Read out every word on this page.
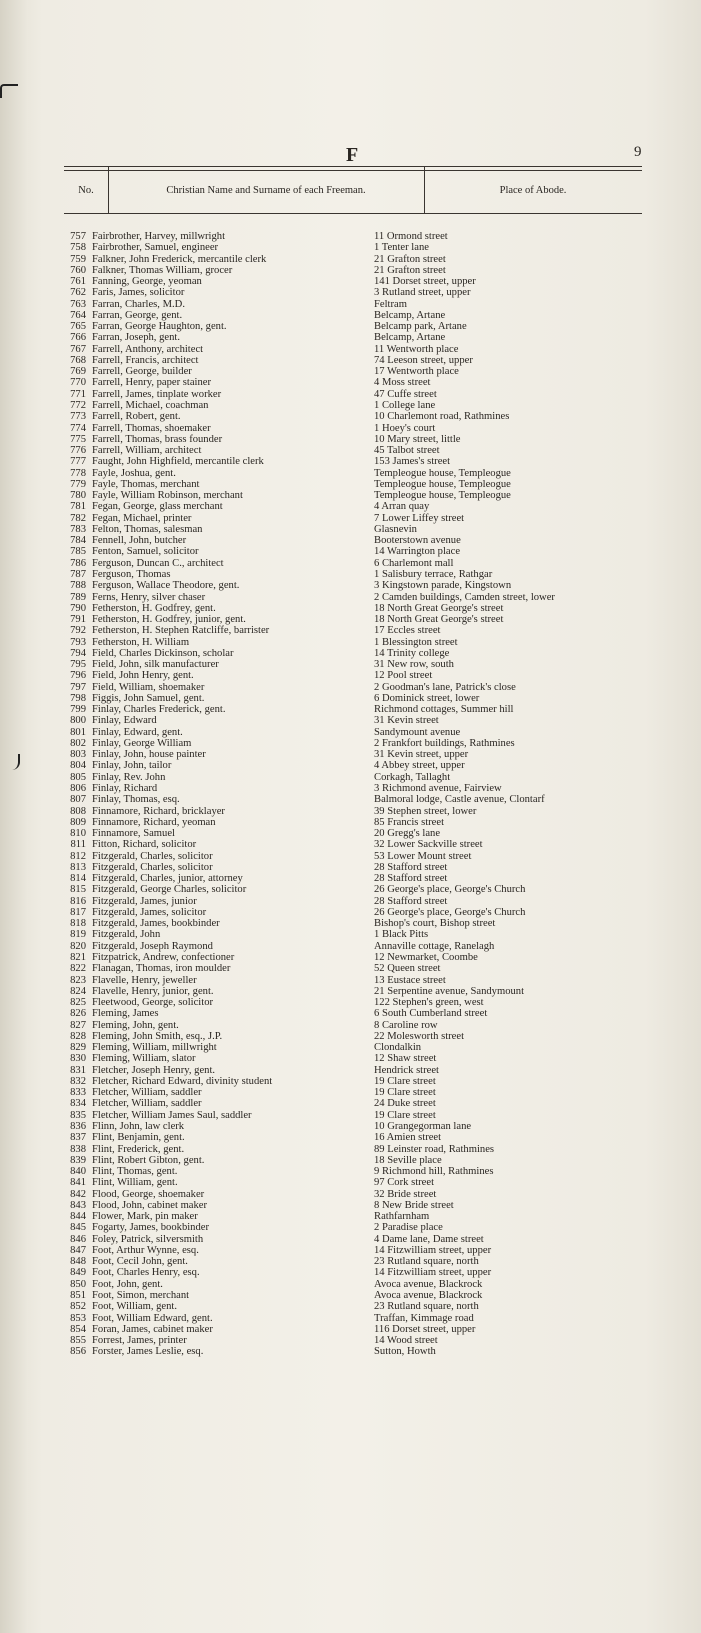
F	9
No.	Christian Name and Surname of each Freeman.	Place of Abode.
757 Fairbrother, Harvey, millwright	11 Ormond street
758 Fairbrother, Samuel, engineer	1 Tenter lane
759 Falkner, John Frederick, mercantile clerk	21 Grafton street
760 Falkner, Thomas William, grocer	21 Grafton street
761 Fanning, George, yeoman	141 Dorset street, upper
762 Faris, James, solicitor	3 Rutland street, upper
763 Farran, Charles, M.D.	Feltram
764 Farran, George, gent.	Belcamp, Artane
765 Farran, George Haughton, gent.	Belcamp park, Artane
766 Farran, Joseph, gent.	Belcamp, Artane
767 Farrell, Anthony, architect	11 Wentworth place
768 Farrell, Francis, architect	74 Leeson street, upper
769 Farrell, George, builder	17 Wentworth place
770 Farrell, Henry, paper stainer	4 Moss street
771 Farrell, James, tinplate worker	47 Cuffe street
772 Farrell, Michael, coachman	1 College lane
773 Farrell, Robert, gent.	10 Charlemont road, Rathmines
774 Farrell, Thomas, shoemaker	1 Hoey's court
775 Farrell, Thomas, brass founder	10 Mary street, little
776 Farrell, William, architect	45 Talbot street
777 Faught, John Highfield, mercantile clerk	153 James's street
778 Fayle, Joshua, gent.	Templeogue house, Templeogue
779 Fayle, Thomas, merchant	Templeogue house, Templeogue
780 Fayle, William Robinson, merchant	Templeogue house, Templeogue
781 Fegan, George, glass merchant	4 Arran quay
782 Fegan, Michael, printer	7 Lower Liffey street
783 Felton, Thomas, salesman	Glasnevin
784 Fennell, John, butcher	Booterstown avenue
785 Fenton, Samuel, solicitor	14 Warrington place
786 Ferguson, Duncan C., architect	6 Charlemont mall
787 Ferguson, Thomas	1 Salisbury terrace, Rathgar
788 Ferguson, Wallace Theodore, gent.	3 Kingstown parade, Kingstown
789 Ferns, Henry, silver chaser	2 Camden buildings, Camden street, lower
790 Fetherston, H. Godfrey, gent.	18 North Great George's street
791 Fetherston, H. Godfrey, junior, gent.	18 North Great George's street
792 Fetherston, H. Stephen Ratcliffe, barrister	17 Eccles street
793 Fetherston, H. William	1 Blessington street
794 Field, Charles Dickinson, scholar	14 Trinity college
795 Field, John, silk manufacturer	31 New row, south
796 Field, John Henry, gent.	12 Pool street
797 Field, William, shoemaker	2 Goodman's lane, Patrick's close
798 Figgis, John Samuel, gent.	6 Dominick street, lower
799 Finlay, Charles Frederick, gent.	Richmond cottages, Summer hill
800 Finlay, Edward	31 Kevin street
801 Finlay, Edward, gent.	Sandymount avenue
802 Finlay, George William	2 Frankfort buildings, Rathmines
803 Finlay, John, house painter	31 Kevin street, upper
804 Finlay, John, tailor	4 Abbey street, upper
805 Finlay, Rev. John	Corkagh, Tallaght
806 Finlay, Richard	3 Richmond avenue, Fairview
807 Finlay, Thomas, esq.	Balmoral lodge, Castle avenue, Clontarf
808 Finnamore, Richard, bricklayer	39 Stephen street, lower
809 Finnamore, Richard, yeoman	85 Francis street
810 Finnamore, Samuel	20 Gregg's lane
811 Fitton, Richard, solicitor	32 Lower Sackville street
812 Fitzgerald, Charles, solicitor	53 Lower Mount street
813 Fitzgerald, Charles, solicitor	28 Stafford street
814 Fitzgerald, Charles, junior, attorney	28 Stafford street
815 Fitzgerald, George Charles, solicitor	26 George's place, George's Church
816 Fitzgerald, James, junior	28 Stafford street
817 Fitzgerald, James, solicitor	26 George's place, George's Church
818 Fitzgerald, James, bookbinder	Bishop's court, Bishop street
819 Fitzgerald, John	1 Black Pitts
820 Fitzgerald, Joseph Raymond	Annaville cottage, Ranelagh
821 Fitzpatrick, Andrew, confectioner	12 Newmarket, Coombe
822 Flanagan, Thomas, iron moulder	52 Queen street
823 Flavelle, Henry, jeweller	13 Eustace street
824 Flavelle, Henry, junior, gent.	21 Serpentine avenue, Sandymount
825 Fleetwood, George, solicitor	122 Stephen's green, west
826 Fleming, James	6 South Cumberland street
827 Fleming, John, gent.	8 Caroline row
828 Fleming, John Smith, esq., J.P.	22 Molesworth street
829 Fleming, William, millwright	Clondalkin
830 Fleming, William, slator	12 Shaw street
831 Fletcher, Joseph Henry, gent.	Hendrick street
832 Fletcher, Richard Edward, divinity student	19 Clare street
833 Fletcher, William, saddler	19 Clare street
834 Fletcher, William, saddler	24 Duke street
835 Fletcher, William James Saul, saddler	19 Clare street
836 Flinn, John, law clerk	10 Grangegorman lane
837 Flint, Benjamin, gent.	16 Amien street
838 Flint, Frederick, gent.	89 Leinster road, Rathmines
839 Flint, Robert Gibton, gent.	18 Seville place
840 Flint, Thomas, gent.	9 Richmond hill, Rathmines
841 Flint, William, gent.	97 Cork street
842 Flood, George, shoemaker	32 Bride street
843 Flood, John, cabinet maker	8 New Bride street
844 Flower, Mark, pin maker	Rathfarnham
845 Fogarty, James, bookbinder	2 Paradise place
846 Foley, Patrick, silversmith	4 Dame lane, Dame street
847 Foot, Arthur Wynne, esq.	14 Fitzwilliam street, upper
848 Foot, Cecil John, gent.	23 Rutland square, north
849 Foot, Charles Henry, esq.	14 Fitzwilliam street, upper
850 Foot, John, gent.	Avoca avenue, Blackrock
851 Foot, Simon, merchant	Avoca avenue, Blackrock
852 Foot, William, gent.	23 Rutland square, north
853 Foot, William Edward, gent.	Traffan, Kimmage road
854 Foran, James, cabinet maker	116 Dorset street, upper
855 Forrest, James, printer	14 Wood street
856 Forster, James Leslie, esq.	Sutton, Howth
